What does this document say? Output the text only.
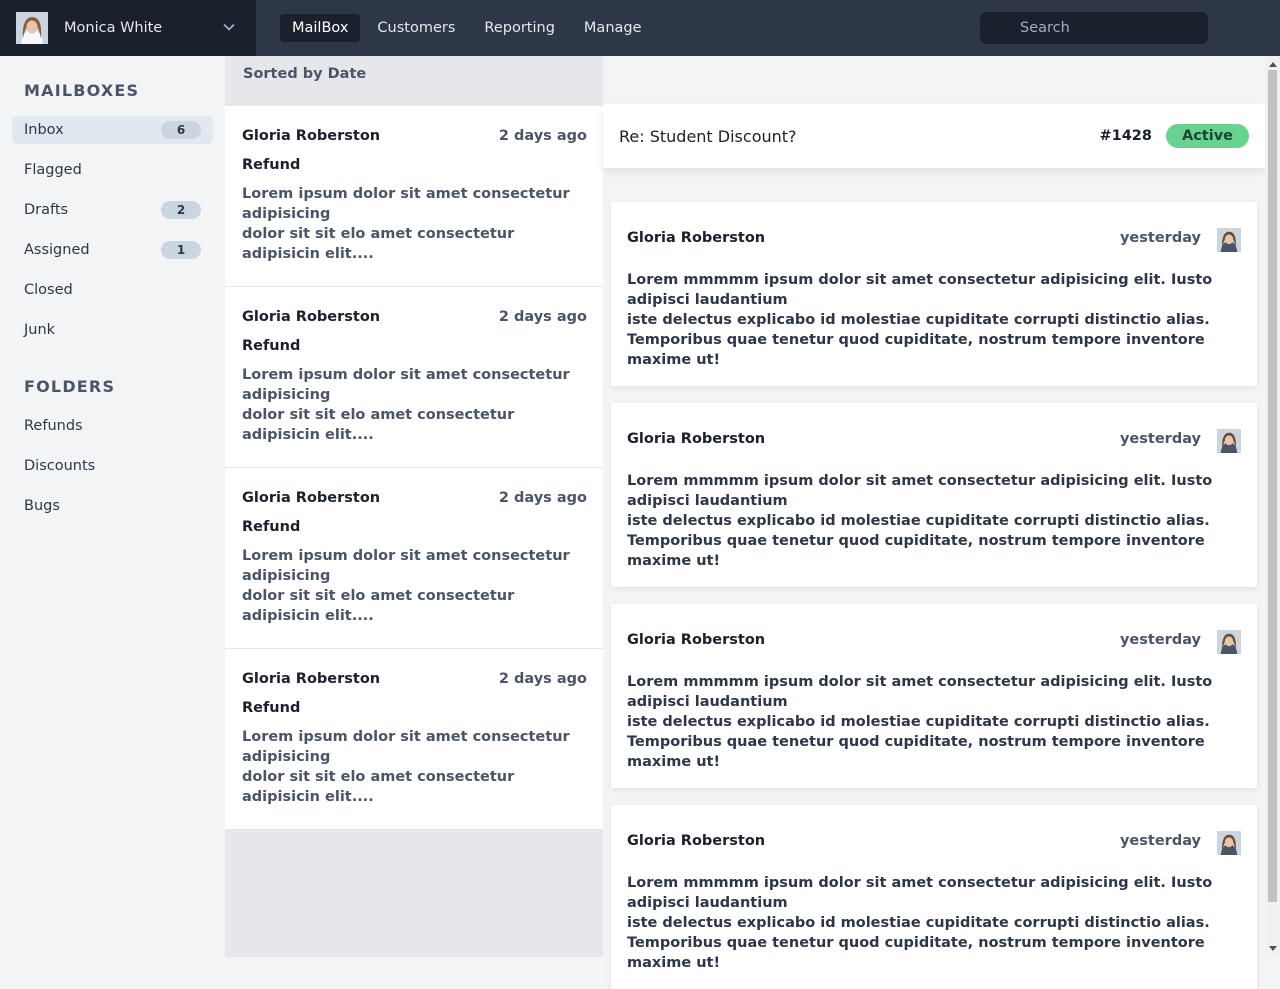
Monica White	MailBox	Customers	Reporting	Manage
Search
MAILBOXES
Inbox	6
Flagged
Drafts	2
Assigned	1
Closed
Junk
FOLDERS
Refunds
Discounts
Bugs
Sorted by Date
Gloria Roberston	2 days ago
Refund
Lorem ipsum dolor sit amet consectetur adipisicing
dolor sit sit elo amet consectetur adipisicin elit....
Gloria Roberston	2 days ago
Refund
Lorem ipsum dolor sit amet consectetur adipisicing
dolor sit sit elo amet consectetur adipisicin elit....
Gloria Roberston	2 days ago
Refund
Lorem ipsum dolor sit amet consectetur adipisicing
dolor sit sit elo amet consectetur adipisicin elit....
Gloria Roberston	2 days ago
Refund
Lorem ipsum dolor sit amet consectetur adipisicing
dolor sit sit elo amet consectetur adipisicin elit....
Re: Student Discount?	#1428	Active
Gloria Roberston	yesterday
Lorem mmmmm ipsum dolor sit amet consectetur adipisicing elit. Iusto adipisci laudantium
iste delectus explicabo id molestiae cupiditate corrupti distinctio alias. Temporibus quae tenetur quod cupiditate, nostrum tempore inventore maxime ut!
Gloria Roberston	yesterday
Lorem mmmmm ipsum dolor sit amet consectetur adipisicing elit. Iusto adipisci laudantium
iste delectus explicabo id molestiae cupiditate corrupti distinctio alias. Temporibus quae tenetur quod cupiditate, nostrum tempore inventore maxime ut!
Gloria Roberston	yesterday
Lorem mmmmm ipsum dolor sit amet consectetur adipisicing elit. Iusto adipisci laudantium
iste delectus explicabo id molestiae cupiditate corrupti distinctio alias. Temporibus quae tenetur quod cupiditate, nostrum tempore inventore maxime ut!
Gloria Roberston	yesterday
Lorem mmmmm ipsum dolor sit amet consectetur adipisicing elit. Iusto adipisci laudantium
iste delectus explicabo id molestiae cupiditate corrupti distinctio alias. Temporibus quae tenetur quod cupiditate, nostrum tempore inventore maxime ut!
